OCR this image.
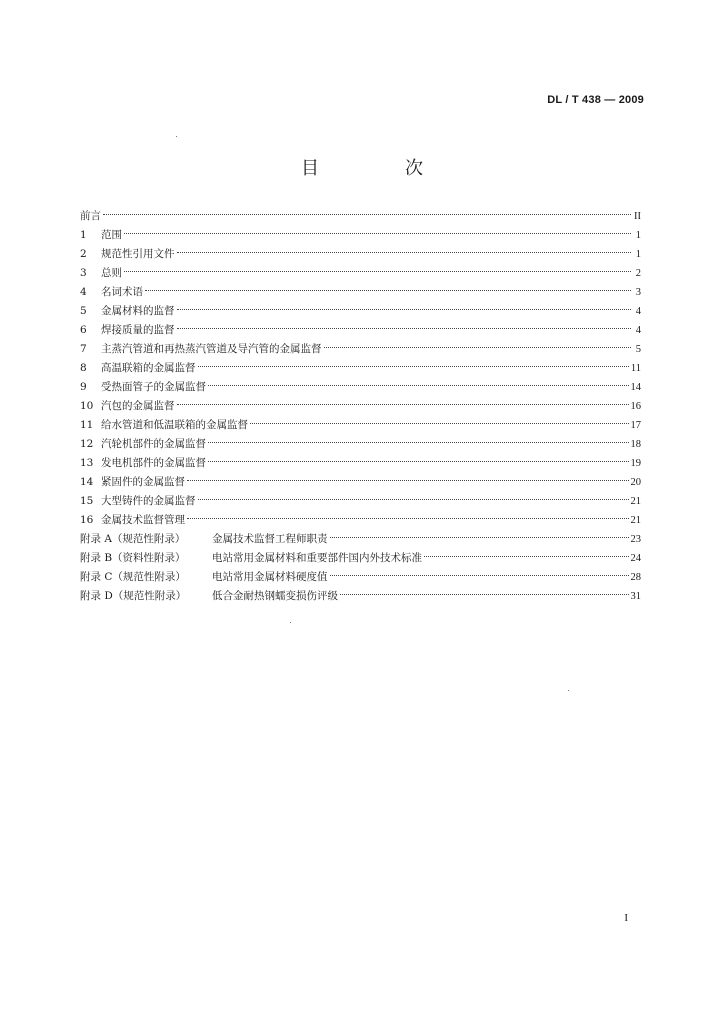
DL / T 438 — 2009
目　次
前言	II
1	范围	1
2	规范性引用文件	1
3	总则	2
4	名词术语	3
5	金属材料的监督	4
6	焊接质量的监督	4
7	主蒸汽管道和再热蒸汽管道及导汽管的金属监督	5
8	高温联箱的金属监督	11
9	受热面管子的金属监督	14
10 汽包的金属监督	16
11 给水管道和低温联箱的金属监督	17
12 汽轮机部件的金属监督	18
13 发电机部件的金属监督	19
14 紧固件的金属监督	20
15 大型铸件的金属监督	21
16 金属技术监督管理	21
附录 A（规范性附录）	金属技术监督工程师职责	23
附录 B（资料性附录）	电站常用金属材料和重要部件国内外技术标准	24
附录 C（规范性附录）	电站常用金属材料硬度值	28
附录 D（规范性附录）	低合金耐热钢蠕变损伤评级	31
I
